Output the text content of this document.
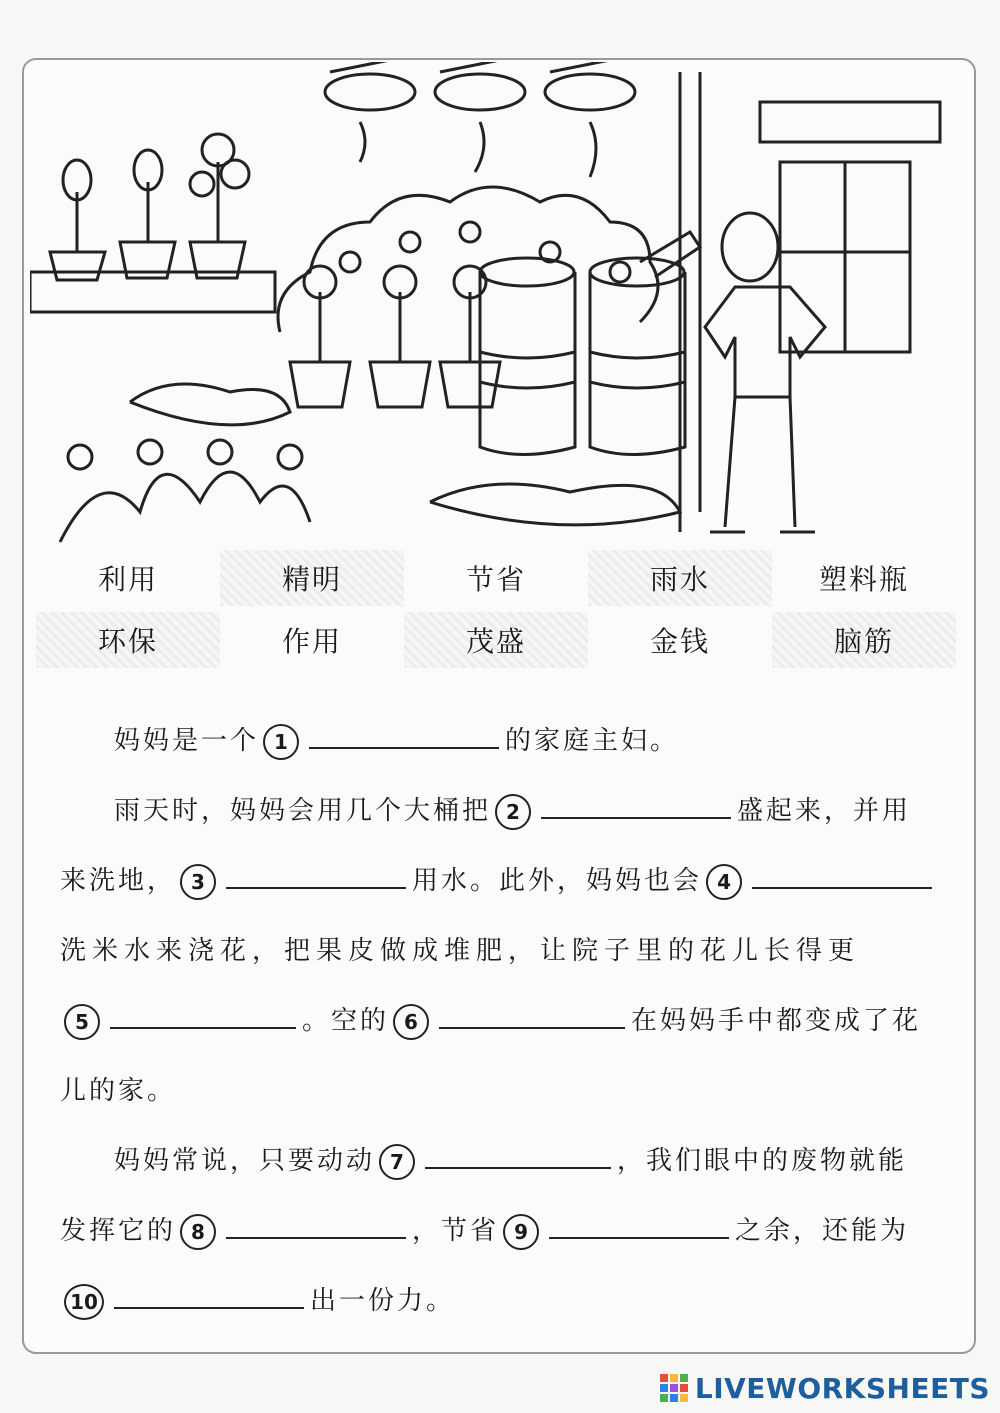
利用	精明	节省	雨水	塑料瓶
环保	作用	茂盛	金钱	脑筋
妈妈是一个 1	的家庭主妇。
雨天时，妈妈会用几个大桶把 2	盛起来，并用
来洗地， 3	用水。此外，妈妈也会 4
洗米水来浇花，把果皮做成堆肥，让院子里的花儿长得更
5	。空的 6	在妈妈手中都变成了花
儿的家。
妈妈常说，只要动动 7	，我们眼中的废物就能
发挥它的 8	，节省 9	之余，还能为
10	出一份力。
LIVEWORKSHEETS
